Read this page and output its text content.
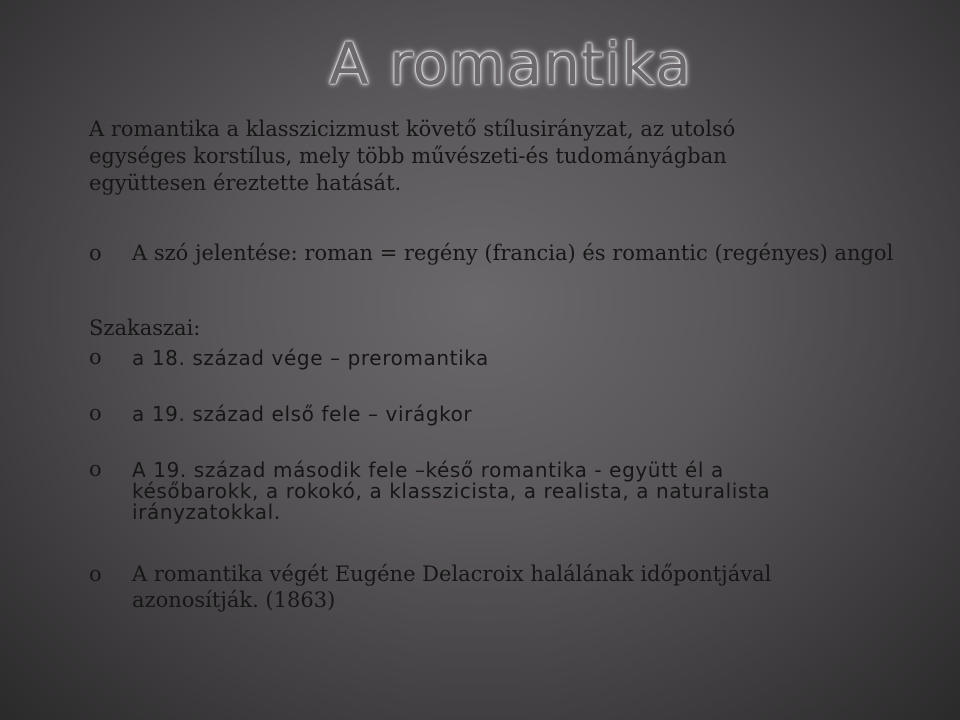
A romantika
A romantika a klasszicizmust követő stílusirányzat, az utolsó egységes korstílus, mely több művészeti-és tudományágban együttesen éreztette hatását.
o A szó jelentése: roman = regény (francia) és romantic (regényes) angol
Szakaszai:
o a 18. század vége – preromantika
o a 19. század első fele – virágkor
o A 19. század második fele –késő romantika - együtt él a későbarokk, a rokokó, a klasszicista, a realista, a naturalista irányzatokkal.
o A romantika végét Eugéne Delacroix halálának időpontjával azonosítják. (1863)
